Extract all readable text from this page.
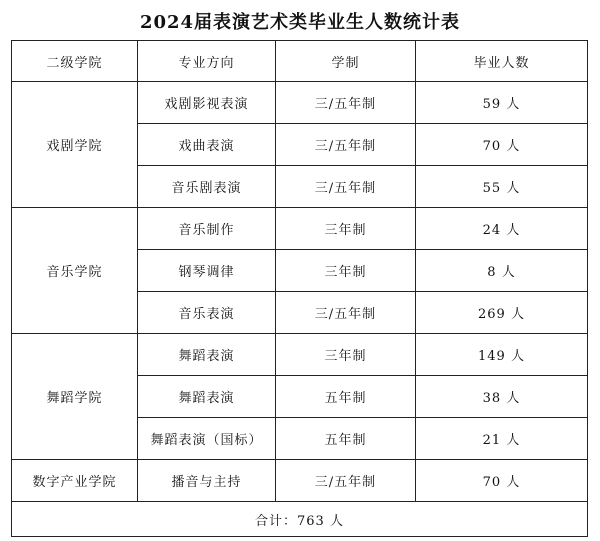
2024届表演艺术类毕业生人数统计表
二级学院	专业方向	学制	毕业人数
戏剧学院	戏剧影视表演	三/五年制	59 人
	戏曲表演	三/五年制	70 人
	音乐剧表演	三/五年制	55 人
音乐学院	音乐制作	三年制	24 人
	钢琴调律	三年制	8 人
	音乐表演	三/五年制	269 人
舞蹈学院	舞蹈表演	三年制	149 人
	舞蹈表演	五年制	38 人
	舞蹈表演（国标）	五年制	21 人
数字产业学院	播音与主持	三/五年制	70 人
合计：763 人			
